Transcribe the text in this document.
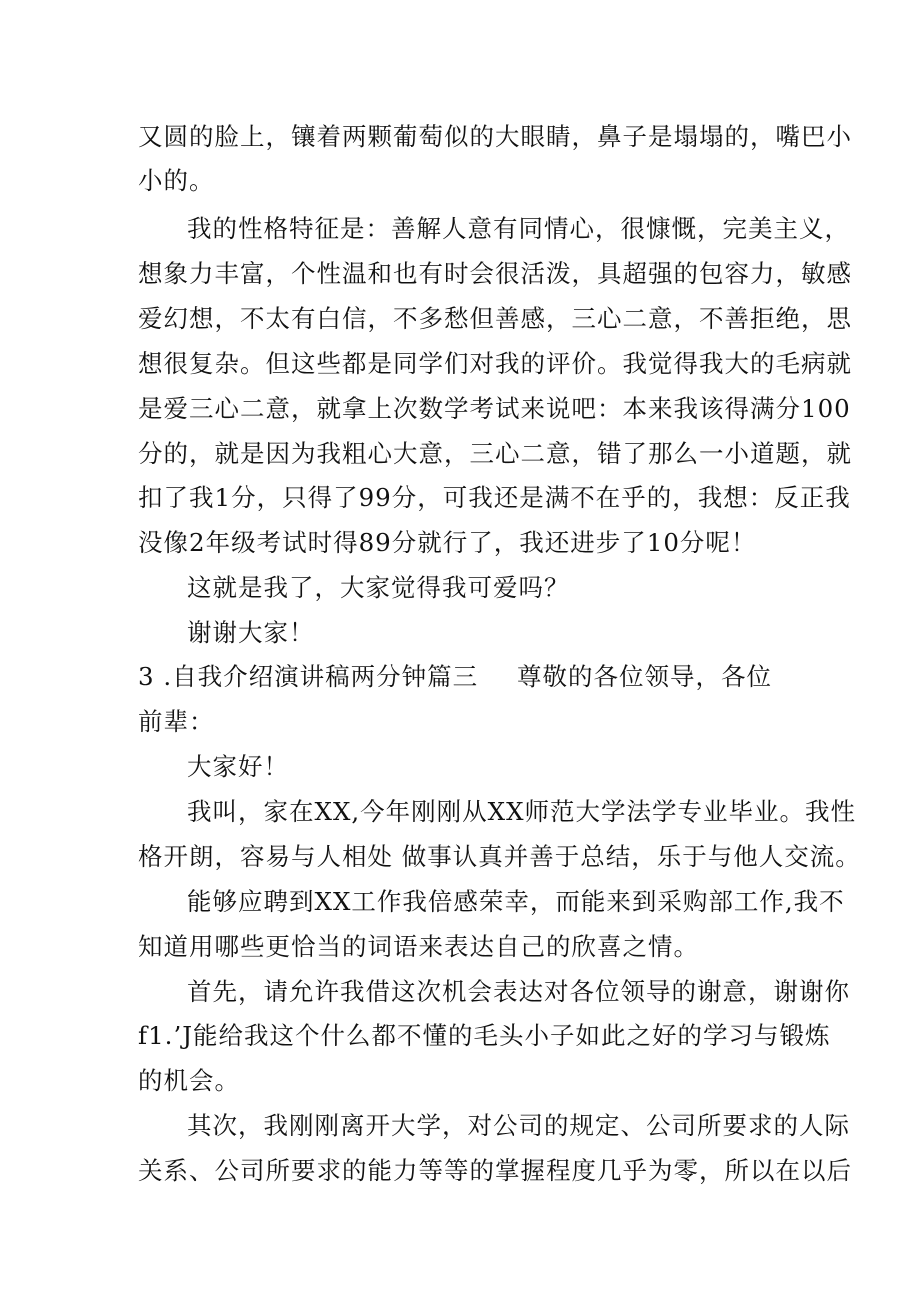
又圆的脸上，镶着两颗葡萄似的大眼睛，鼻子是塌塌的，嘴巴小
小的。
我的性格特征是：善解人意有同情心，很慷慨，完美主义，
想象力丰富，个性温和也有时会很活泼，具超强的包容力，敏感
爱幻想，不太有白信，不多愁但善感，三心二意，不善拒绝，思
想很复杂。但这些都是同学们对我的评价。我觉得我大的毛病就
是爱三心二意，就拿上次数学考试来说吧：本来我该得满分100
分的，就是因为我粗心大意，三心二意，错了那么一小道题，就
扣了我1分，只得了99分，可我还是满不在乎的，我想：反正我
没像2年级考试时得89分就行了，我还进步了10分呢！
这就是我了，大家觉得我可爱吗？
谢谢大家！
3 .自我介绍演讲稿两分钟篇三 尊敬的各位领导，各位
前辈：
大家好！
我叫，家在XX,今年刚刚从XX师范大学法学专业毕业。我性
格开朗，容易与人相处 做事认真并善于总结，乐于与他人交流。
能够应聘到XX工作我倍感荣幸，而能来到采购部工作,我不
知道用哪些更恰当的词语来表达自己的欣喜之情。
首先，请允许我借这次机会表达对各位领导的谢意，谢谢你
f1.’J能给我这个什么都不懂的毛头小子如此之好的学习与锻炼
的机会。
其次，我刚刚离开大学，对公司的规定、公司所要求的人际
关系、公司所要求的能力等等的掌握程度几乎为零，所以在以后
